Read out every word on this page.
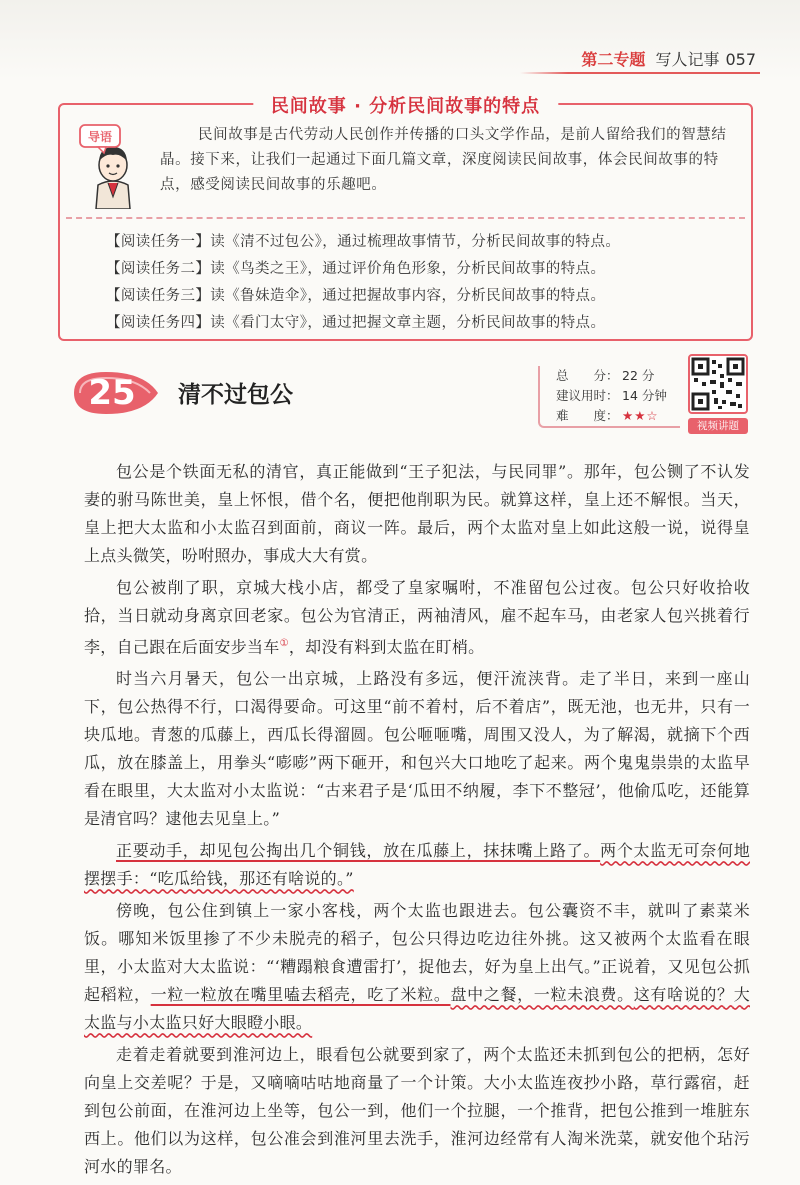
第二专题 写人记事 057
民间故事 · 分析民间故事的特点
导语	民间故事是古代劳动人民创作并传播的口头文学作品，是前人留给我们的智慧结晶。接下来，让我们一起通过下面几篇文章，深度阅读民间故事，体会民间故事的特点，感受阅读民间故事的乐趣吧。
【阅读任务一】读《清不过包公》，通过梳理故事情节，分析民间故事的特点。
【阅读任务二】读《鸟类之王》，通过评价角色形象，分析民间故事的特点。
【阅读任务三】读《鲁妹造伞》，通过把握故事内容，分析民间故事的特点。
【阅读任务四】读《看门太守》，通过把握文章主题，分析民间故事的特点。
25	清不过包公
总　　分： 22 分
建议用时： 14 分钟
难　　度： ★★☆
视频讲题

包公是个铁面无私的清官，真正能做到“王子犯法，与民同罪”。那年，包公铡了不认发妻的驸马陈世美，皇上怀恨，借个名，便把他削职为民。就算这样，皇上还不解恨。当天，皇上把大太监和小太监召到面前，商议一阵。最后，两个太监对皇上如此这般一说，说得皇上点头微笑，吩咐照办，事成大大有赏。

包公被削了职，京城大栈小店，都受了皇家嘱咐，不准留包公过夜。包公只好收拾收拾，当日就动身离京回老家。包公为官清正，两袖清风，雇不起车马，由老家人包兴挑着行李，自己跟在后面安步当车①，却没有料到太监在盯梢。

时当六月暑天，包公一出京城，上路没有多远，便汗流浃背。走了半日，来到一座山下，包公热得不行，口渴得要命。可这里“前不着村，后不着店”，既无池，也无井，只有一块瓜地。青葱的瓜藤上，西瓜长得溜圆。包公咂咂嘴，周围又没人，为了解渴，就摘下个西瓜，放在膝盖上，用拳头“嘭嘭”两下砸开，和包兴大口地吃了起来。两个鬼鬼祟祟的太监早看在眼里，大太监对小太监说：“古来君子是‘瓜田不纳履，李下不整冠’，他偷瓜吃，还能算是清官吗？逮他去见皇上。”

正要动手，却见包公掏出几个铜钱，放在瓜藤上，抹抹嘴上路了。两个太监无可奈何地摆摆手：“吃瓜给钱，那还有啥说的。”

傍晚，包公住到镇上一家小客栈，两个太监也跟进去。包公囊资不丰，就叫了素菜米饭。哪知米饭里掺了不少未脱壳的稻子，包公只得边吃边往外挑。这又被两个太监看在眼里，小太监对大太监说：“‘糟蹋粮食遭雷打’，捉他去，好为皇上出气。”正说着，又见包公抓起稻粒，一粒一粒放在嘴里嗑去稻壳，吃了米粒。盘中之餐，一粒未浪费。这有啥说的？大太监与小太监只好大眼瞪小眼。

走着走着就要到淮河边上，眼看包公就要到家了，两个太监还未抓到包公的把柄，怎好向皇上交差呢？于是，又嘀嘀咕咕地商量了一个计策。大小太监连夜抄小路，草行露宿，赶到包公前面，在淮河边上坐等，包公一到，他们一个拉腿，一个推背，把包公推到一堆脏东西上。他们以为这样，包公准会到淮河里去洗手，淮河边经常有人淘米洗菜，就安他个玷污河水的罪名。
